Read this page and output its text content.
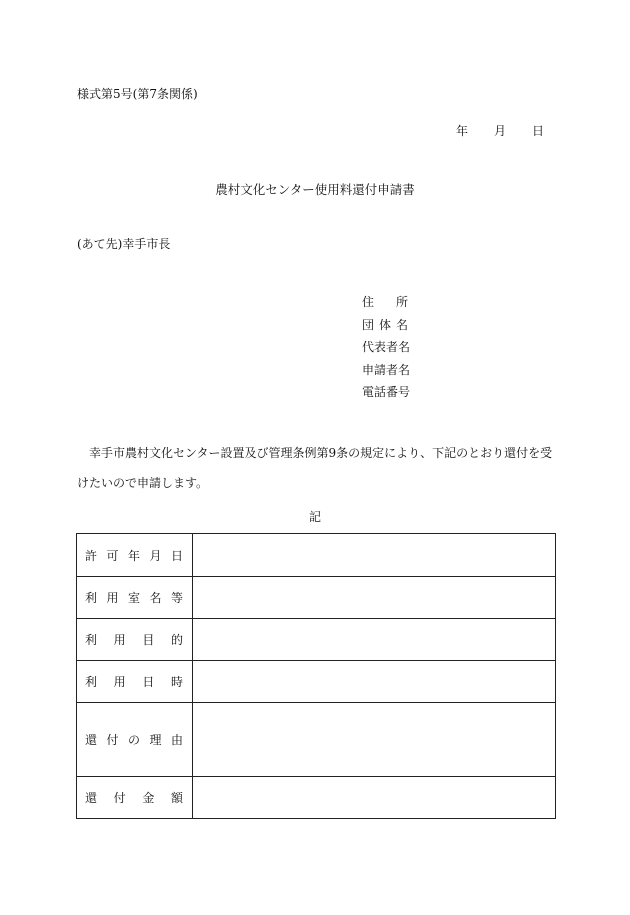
様式第5号(第7条関係)
年 月 日
農村文化センター使用料還付申請書
(あて先)幸手市長
住 所
団 体 名
代 表 者 名
申 請 者 名
電 話 番 号
幸手市農村文化センター設置及び管理条例第9条の規定により、下記のとおり還付を受けたいので申請します。
記
許 可 年 月 日	

利 用 室 名 等	

利 用 目 的	

利 用 日 時	

還 付 の 理 由	

還 付 金 額	
